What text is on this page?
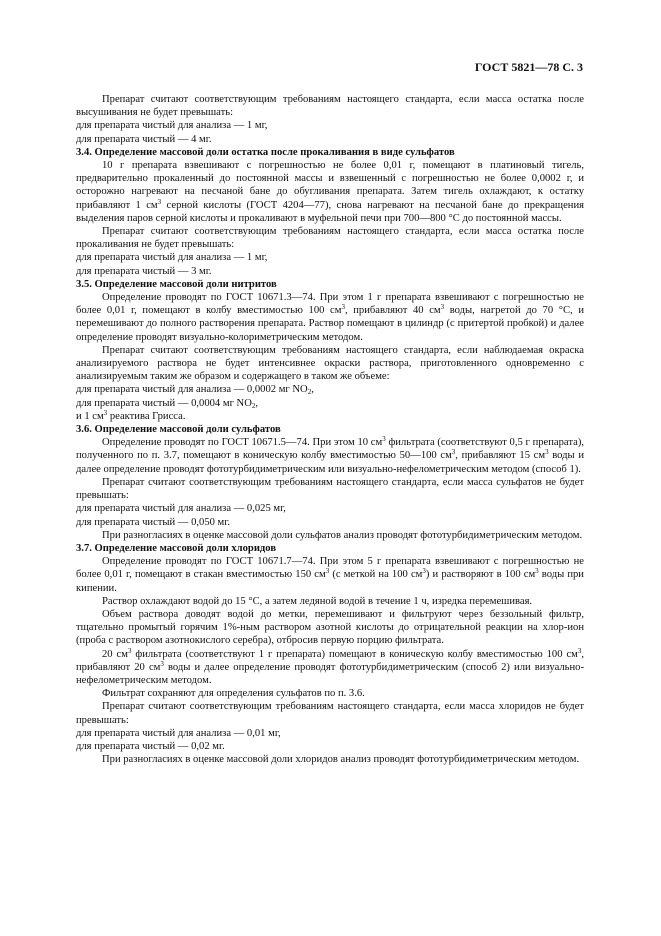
ГОСТ 5821—78 С. 3

Препарат считают соответствующим требованиям настоящего стандарта, если масса остатка после высушивания не будет превышать:

для препарата чистый для анализа — 1 мг,

для препарата чистый — 4 мг.

3.4. Определение массовой доли остатка после прокаливания в виде сульфатов

10 г препарата взвешивают с погрешностью не более 0,01 г, помещают в платиновый тигель, предварительно прокаленный до постоянной массы и взвешенный с погрешностью не более 0,0002 г, и осторожно нагревают на песчаной бане до обугливания препарата. Затем тигель охлаждают, к остатку прибавляют 1 $см^3$ серной кислоты (ГОСТ 4204—77), снова нагревают на песчаной бане до прекращения выделения паров серной кислоты и прокаливают в муфельной печи при 700—800 °С до постоянной массы.

Препарат считают соответствующим требованиям настоящего стандарта, если масса остатка после прокаливания не будет превышать:

для препарата чистый для анализа — 1 мг,

для препарата чистый — 3 мг.

3.5. Определение массовой доли нитритов

Определение проводят по ГОСТ 10671.3—74. При этом 1 г препарата взвешивают с погрешностью не более 0,01 г, помещают в колбу вместимостью 100 $см^3$, прибавляют 40 $см^3$ воды, нагретой до 70 °С, и перемешивают до полного растворения препарата. Раствор помещают в цилиндр (с притертой пробкой) и далее определение проводят визуально-колориметрическим методом.

Препарат считают соответствующим требованиям настоящего стандарта, если наблюдаемая окраска анализируемого раствора не будет интенсивнее окраски раствора, приготовленного одновременно с анализируемым таким же образом и содержащего в таком же объеме:

для препарата чистый для анализа — 0,0002 мг $NO_2$,

для препарата чистый — 0,0004 мг $NO_2$,

и 1 $см^3$ реактива Грисса.

3.6. Определение массовой доли сульфатов

Определение проводят по ГОСТ 10671.5—74. При этом 10 $см^3$ фильтрата (соответствуют 0,5 г препарата), полученного по п. 3.7, помещают в коническую колбу вместимостью 50—100 $см^3$, прибавляют 15 $см^3$ воды и далее определение проводят фототурбидиметрическим или визуально-нефелометрическим методом (способ 1).

Препарат считают соответствующим требованиям настоящего стандарта, если масса сульфатов не будет превышать:

для препарата чистый для анализа — 0,025 мг,

для препарата чистый — 0,050 мг.

При разногласиях в оценке массовой доли сульфатов анализ проводят фототурбидиметрическим методом.

3.7. Определение массовой доли хлоридов

Определение проводят по ГОСТ 10671.7—74. При этом 5 г препарата взвешивают с погрешностью не более 0,01 г, помещают в стакан вместимостью 150 $см^3$ (с меткой на 100 $см^3$) и растворяют в 100 $см^3$ воды при кипении.

Раствор охлаждают водой до 15 °С, а затем ледяной водой в течение 1 ч, изредка перемешивая.

Объем раствора доводят водой до метки, перемешивают и фильтруют через беззольный фильтр, тщательно промытый горячим 1%-ным раствором азотной кислоты до отрицательной реакции на хлор-ион (проба с раствором азотнокислого серебра), отбросив первую порцию фильтрата.

20 $см^3$ фильтрата (соответствуют 1 г препарата) помещают в коническую колбу вместимостью 100 $см^3$, прибавляют 20 $см^3$ воды и далее определение проводят фототурбидиметрическим (способ 2) или визуально-нефелометрическим методом.

Фильтрат сохраняют для определения сульфатов по п. 3.6.

Препарат считают соответствующим требованиям настоящего стандарта, если масса хлоридов не будет превышать:

для препарата чистый для анализа — 0,01 мг,

для препарата чистый — 0,02 мг.

При разногласиях в оценке массовой доли хлоридов анализ проводят фототурбидиметрическим методом.
